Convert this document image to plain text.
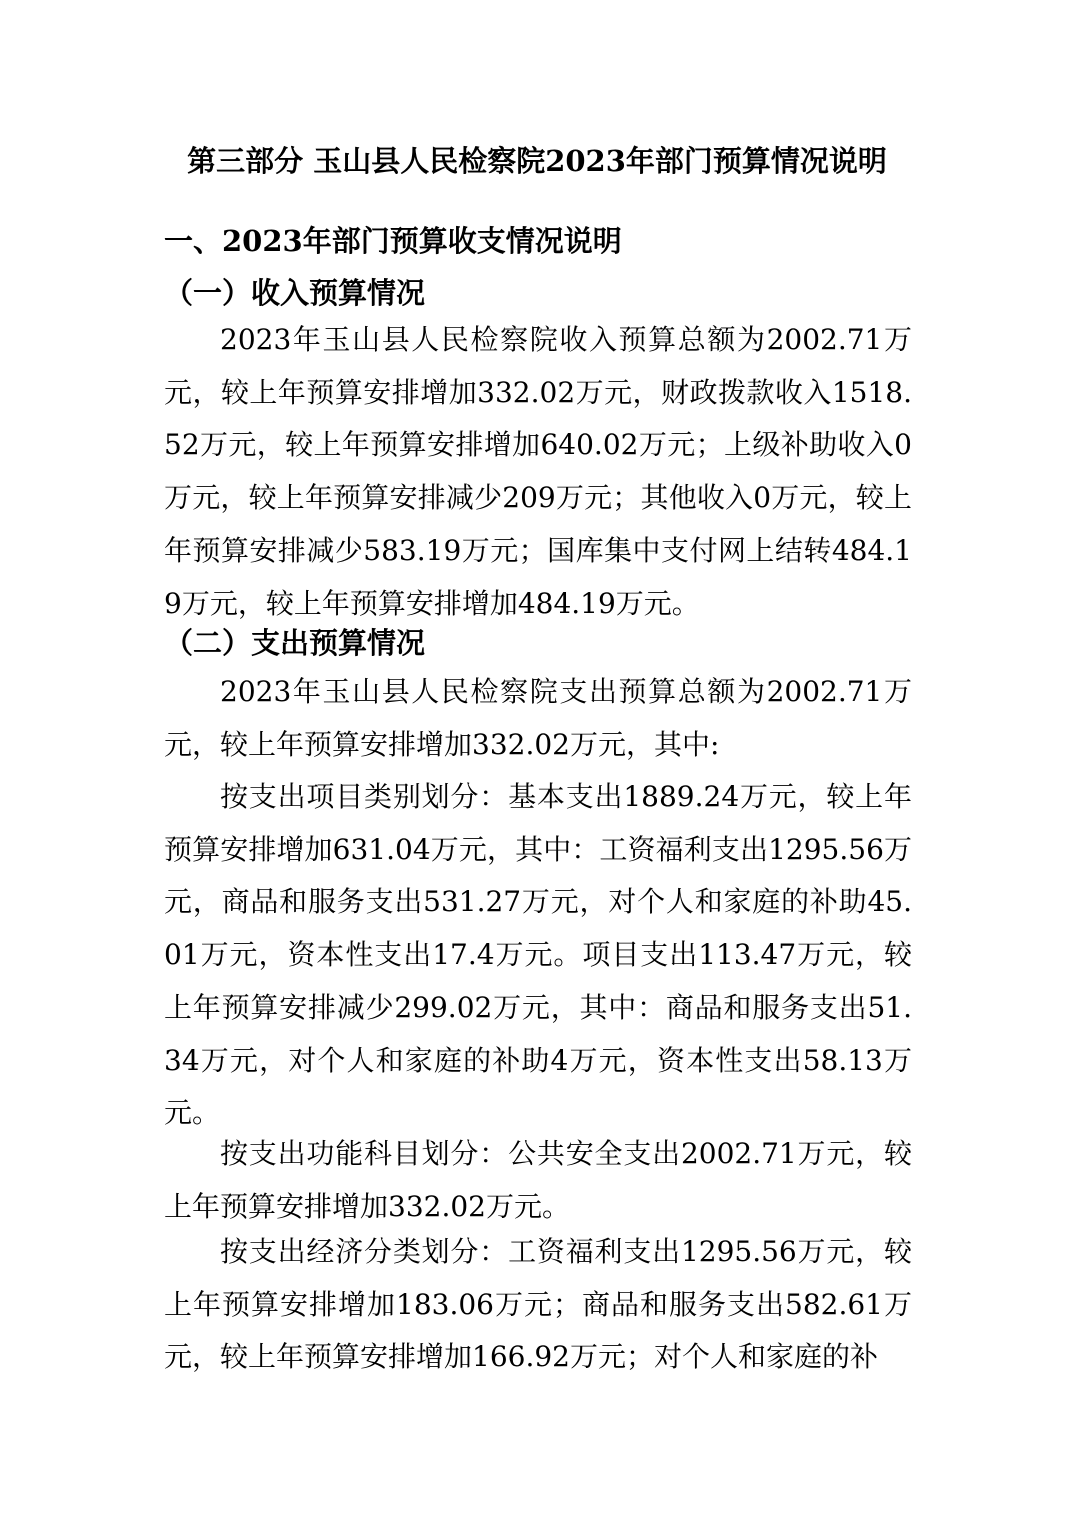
第三部分 玉山县人民检察院2023年部门预算情况说明
一、2023年部门预算收支情况说明
（一）收入预算情况

2023年玉山县人民检察院收入预算总额为2002.71万元，较上年预算安排增加332.02万元，财政拨款收入1518.52万元，较上年预算安排增加640.02万元；上级补助收入0万元，较上年预算安排减少209万元；其他收入0万元，较上年预算安排减少583.19万元；国库集中支付网上结转484.19万元，较上年预算安排增加484.19万元。

（二）支出预算情况

2023年玉山县人民检察院支出预算总额为2002.71万元，较上年预算安排增加332.02万元，其中:

按支出项目类别划分：基本支出1889.24万元，较上年预算安排增加631.04万元，其中：工资福利支出1295.56万元，商品和服务支出531.27万元，对个人和家庭的补助45.01万元，资本性支出17.4万元。项目支出113.47万元，较上年预算安排减少299.02万元，其中：商品和服务支出51.34万元，对个人和家庭的补助4万元，资本性支出58.13万元。

按支出功能科目划分：公共安全支出2002.71万元，较上年预算安排增加332.02万元。

按支出经济分类划分：工资福利支出1295.56万元，较上年预算安排增加183.06万元；商品和服务支出582.61万元，较上年预算安排增加166.92万元；对个人和家庭的补
